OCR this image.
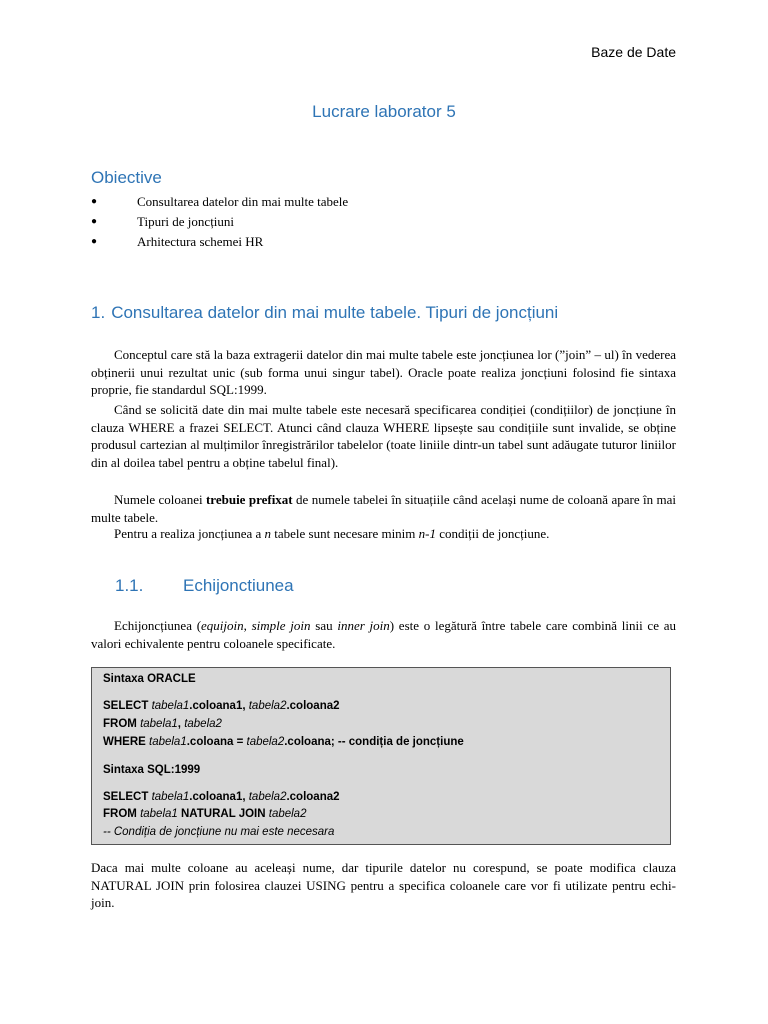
Baze de Date
Lucrare laborator 5
Obiective
●	Consultarea datelor din mai multe tabele
●	Tipuri de joncțiuni
●	Arhitectura schemei HR
1. Consultarea datelor din mai multe tabele. Tipuri de joncțiuni

Conceptul care stă la baza extragerii datelor din mai multe tabele este joncțiunea lor (”join” – ul) în vederea obținerii unui rezultat unic (sub forma unui singur tabel). Oracle poate realiza joncțiuni folosind fie sintaxa proprie, fie standardul SQL:1999.

Când se solicită date din mai multe tabele este necesară specificarea condiției (condițiilor) de joncțiune în clauza WHERE a frazei SELECT. Atunci când clauza WHERE lipsește sau condițiile sunt invalide, se obține produsul cartezian al mulțimilor înregistrărilor tabelelor (toate liniile dintr-un tabel sunt adăugate tuturor liniilor din al doilea tabel pentru a obține tabelul final).

Numele coloanei trebuie prefixat de numele tabelei în situațiile când același nume de coloană apare în mai multe tabele.

Pentru a realiza joncțiunea a n tabele sunt necesare minim n-1 condiții de joncțiune.

1.1. Echijonctiunea

Echijoncțiunea (equijoin, simple join sau inner join) este o legătură între tabele care combină linii ce au valori echivalente pentru coloanele specificate.

Sintaxa ORACLE
SELECT tabela1.coloana1, tabela2.coloana2
FROM tabela1, tabela2
WHERE tabela1.coloana = tabela2.coloana; -- condiția de joncțiune
Sintaxa SQL:1999
SELECT tabela1.coloana1, tabela2.coloana2
FROM tabela1 NATURAL JOIN tabela2
-- Condiția de joncțiune nu mai este necesara

Daca mai multe coloane au aceleași nume, dar tipurile datelor nu corespund, se poate modifica clauza NATURAL JOIN prin folosirea clauzei USING pentru a specifica coloanele care vor fi utilizate pentru echi-join.
